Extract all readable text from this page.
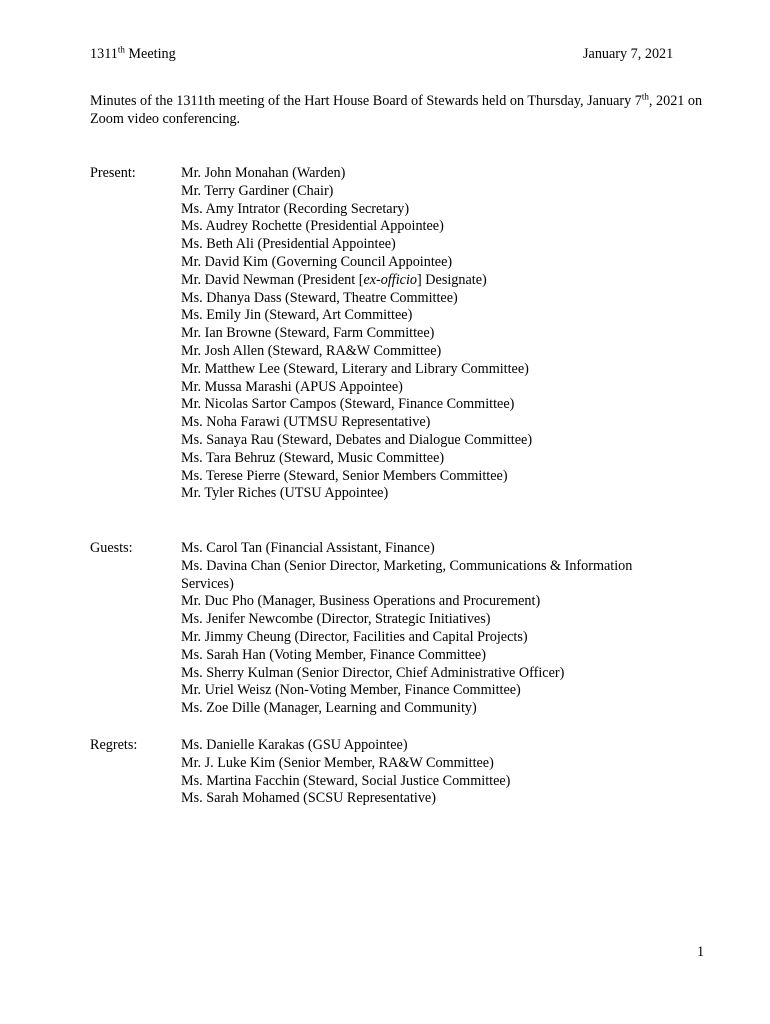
1311th Meeting	January 7, 2021
Minutes of the 1311th meeting of the Hart House Board of Stewards held on Thursday, January 7th, 2021 on Zoom video conferencing.
Present:	Mr. John Monahan (Warden)
Mr. Terry Gardiner (Chair)
Ms. Amy Intrator (Recording Secretary)
Ms. Audrey Rochette (Presidential Appointee)
Ms. Beth Ali (Presidential Appointee)
Mr. David Kim (Governing Council Appointee)
Mr. David Newman (President [ex-officio] Designate)
Ms. Dhanya Dass (Steward, Theatre Committee)
Ms. Emily Jin (Steward, Art Committee)
Mr. Ian Browne (Steward, Farm Committee)
Mr. Josh Allen (Steward, RA&W Committee)
Mr. Matthew Lee (Steward, Literary and Library Committee)
Mr. Mussa Marashi (APUS Appointee)
Mr. Nicolas Sartor Campos (Steward, Finance Committee)
Ms. Noha Farawi (UTMSU Representative)
Ms. Sanaya Rau (Steward, Debates and Dialogue Committee)
Ms. Tara Behruz (Steward, Music Committee)
Ms. Terese Pierre (Steward, Senior Members Committee)
Mr. Tyler Riches (UTSU Appointee)
Guests:	Ms. Carol Tan (Financial Assistant, Finance)
Ms. Davina Chan (Senior Director, Marketing, Communications & Information
Services)
Mr. Duc Pho (Manager, Business Operations and Procurement)
Ms. Jenifer Newcombe (Director, Strategic Initiatives)
Mr. Jimmy Cheung (Director, Facilities and Capital Projects)
Ms. Sarah Han (Voting Member, Finance Committee)
Ms. Sherry Kulman (Senior Director, Chief Administrative Officer)
Mr. Uriel Weisz (Non-Voting Member, Finance Committee)
Ms. Zoe Dille (Manager, Learning and Community)
Regrets:	Ms. Danielle Karakas (GSU Appointee)
Mr. J. Luke Kim (Senior Member, RA&W Committee)
Ms. Martina Facchin (Steward, Social Justice Committee)
Ms. Sarah Mohamed (SCSU Representative)
1
